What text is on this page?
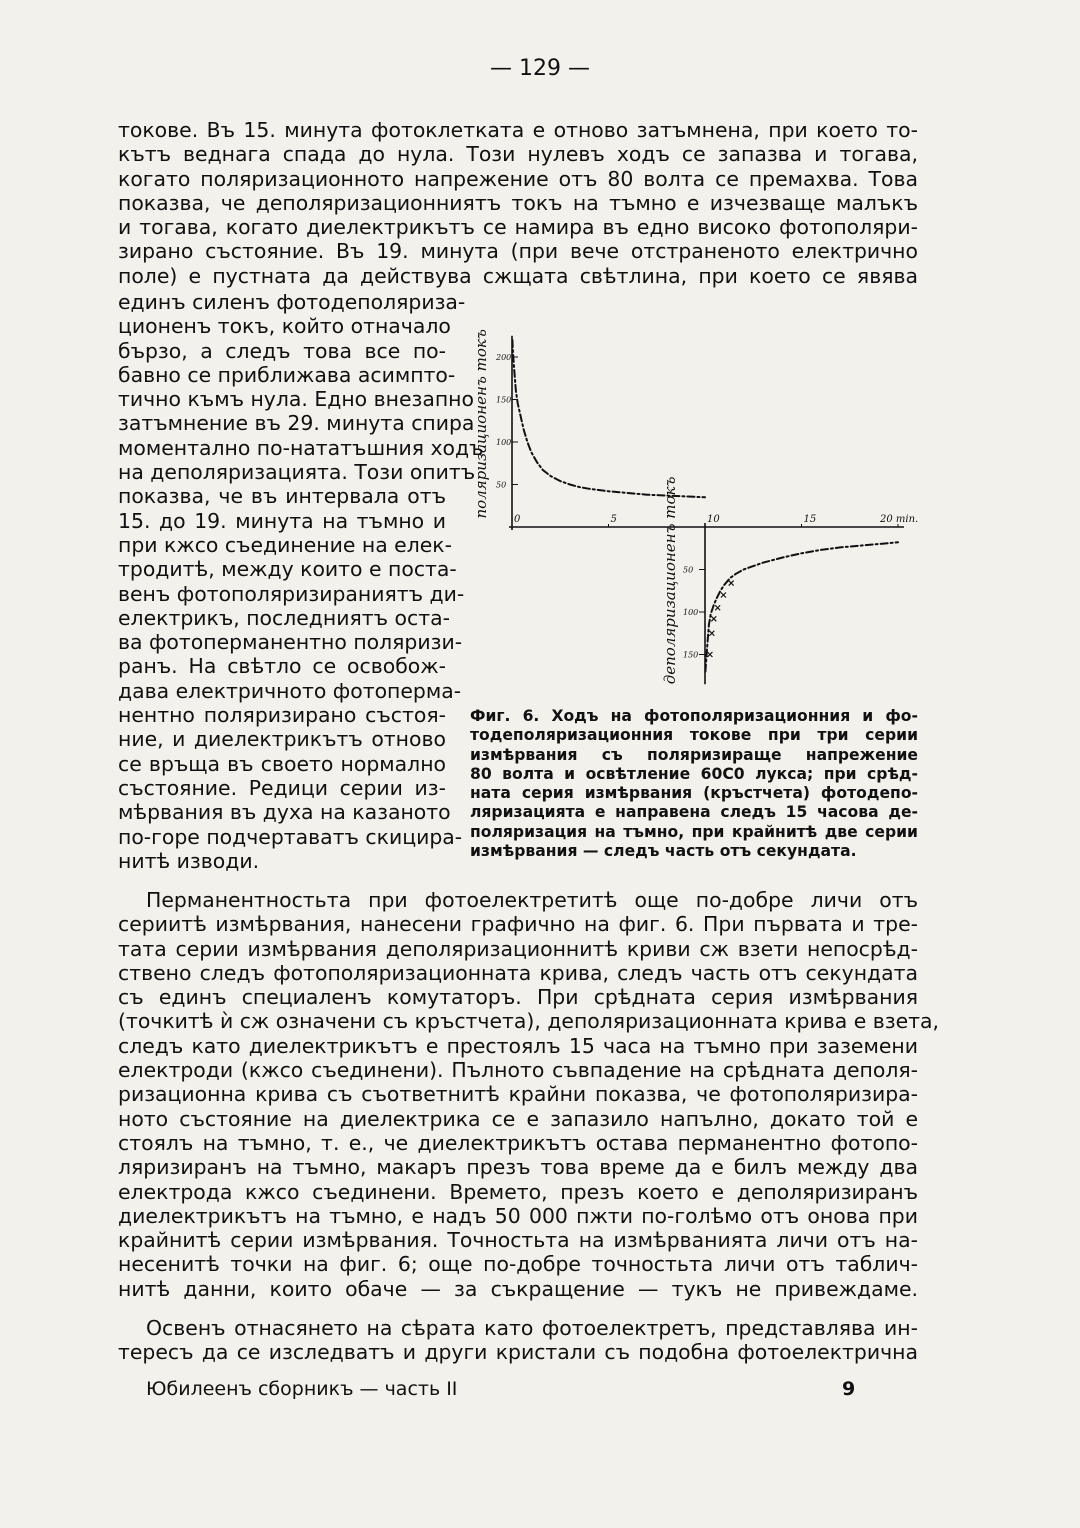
— 129 —
токове. Въ 15. минута фотоклетката е отново затъмнена, при което то-
кътъ веднага спада до нула. Този нулевъ ходъ се запазва и тогава,
когато поляризационното напрежение отъ 80 волта се премахва. Това
показва, че деполяризационниятъ токъ на тъмно е изчезваще малъкъ
и тогава, когато диелектрикътъ се намира въ едно високо фотополяри-
зирано състояние. Въ 19. минута (при вече отстраненото електрично
поле) е пустната да действува сжщата свѣтлина, при което се явява
единъ силенъ фотодеполяриза-
ционенъ токъ, който отначало
бързо, а следъ това все по-
бавно се приближава асимпто-
тично къмъ нула. Едно внезапно
затъмнение въ 29. минута спира
моментално по-нататъшния ходъ
на деполяризацията. Този опитъ
показва, че въ интервала отъ
15. до 19. минута на тъмно и
при кжсо съединение на елек-
тродитѣ, между които е поста-
венъ фотополяризираниятъ ди-
електрикъ, последниятъ оста-
ва фотоперманентно поляризи-
ранъ. На свѣтло се освобож-
дава електричното фотоперма-
нентно поляризирано състоя-
ние, и диелектрикътъ отново
се връща въ своето нормално
състояние. Редици серии из-
мѣрвания въ духа на казаното
по-горе подчертаватъ скицира-
нитѣ изводи.
0	5	10	15	20 min.
50
100
150
200
50
100
150
поляризационенъ токъ
деполяризационенъ токъ
Фиг. 6. Ходъ на фотополяризационния и фо-
тодеполяризационния токове при три серии
измѣрвания съ поляризираще напрежение
80 волта и освѣтление 60С0 лукса; при срѣд-
ната серия измѣрвания (кръстчета) фотодепо-
ляризацията е направена следъ 15 часова де-
поляризация на тъмно, при крайнитѣ две серии
измѣрвания — следъ часть отъ секундата.
Перманентностьта при фотоелектретитѣ още по-добре личи отъ
сериитѣ измѣрвания, нанесени графично на фиг. 6. При първата и тре-
тата серии измѣрвания деполяризационнитѣ криви сж взети непосрѣд-
ствено следъ фотополяризационната крива, следъ часть отъ секундата
съ единъ специаленъ комутаторъ. При срѣдната серия измѣрвания
(точкитѣ ѝ сж означени съ кръстчета), деполяризационната крива е взета,
следъ като диелектрикътъ е престоялъ 15 часа на тъмно при заземени
електроди (кжсо съединени). Пълното съвпадение на срѣдната деполя-
ризационна крива съ съответнитѣ крайни показва, че фотополяризира-
ното състояние на диелектрика се е запазило напълно, докато той е
стоялъ на тъмно, т. е., че диелектрикътъ остава перманентно фотопо-
ляризиранъ на тъмно, макаръ презъ това време да е билъ между два
електрода кжсо съединени. Времето, презъ което е деполяризиранъ
диелектрикътъ на тъмно, е надъ 50 000 пжти по-голѣмо отъ онова при
крайнитѣ серии измѣрвания. Точностьта на измѣрванията личи отъ на-
несенитѣ точки на фиг. 6; още по-добре точностьта личи отъ таблич-
нитѣ данни, които обаче — за съкращение — тукъ не привеждаме.
Освенъ отнасянето на сѣрата като фотоелектретъ, представлява ин-
тересъ да се изследватъ и други кристали съ подобна фотоелектрична
Юбилеенъ сборникъ — часть II	9
